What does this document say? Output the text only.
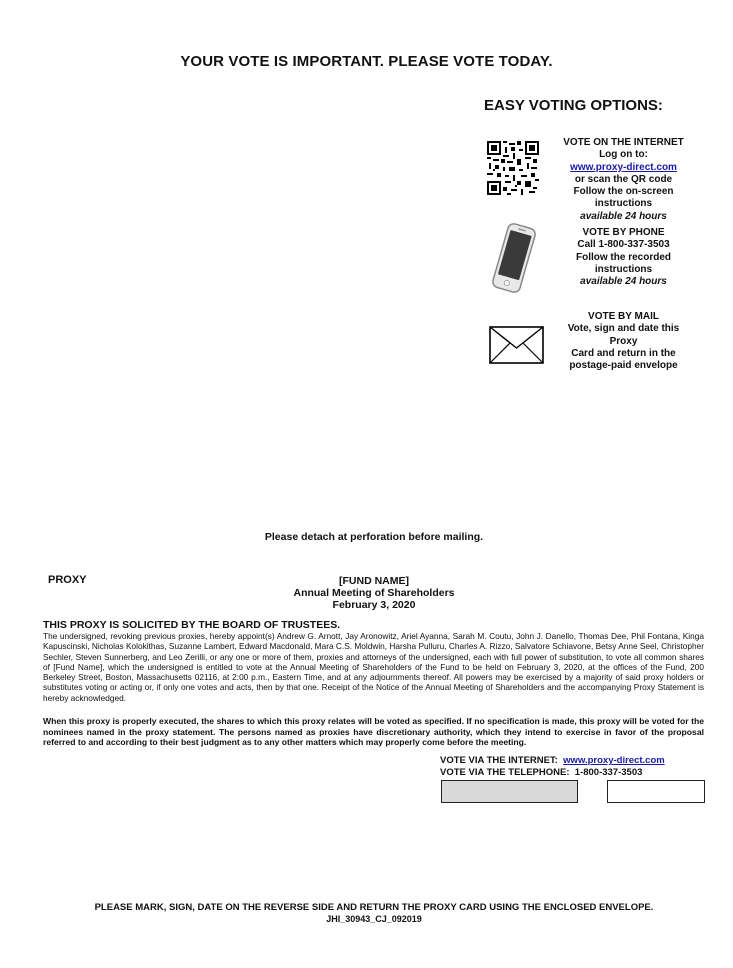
YOUR VOTE IS IMPORTANT. PLEASE VOTE TODAY.
EASY VOTING OPTIONS:
VOTE ON THE INTERNET
Log on to:
www.proxy-direct.com
or scan the QR code
Follow the on-screen instructions
available 24 hours
VOTE BY PHONE
Call 1-800-337-3503
Follow the recorded instructions
available 24 hours
VOTE BY MAIL
Vote, sign and date this Proxy
Card and return in the
postage-paid envelope
Please detach at perforation before mailing.
PROXY	[FUND NAME]
Annual Meeting of Shareholders
February 3, 2020
THIS PROXY IS SOLICITED BY THE BOARD OF TRUSTEES.
The undersigned, revoking previous proxies, hereby appoint(s) Andrew G. Arnott, Jay Aronowitz, Ariel Ayanna, Sarah M. Coutu, John J. Danello, Thomas Dee, Phil Fontana, Kinga Kapuscinski, Nicholas Kolokithas, Suzanne Lambert, Edward Macdonald, Mara C.S. Moldwin, Harsha Pulluru, Charles A. Rizzo, Salvatore Schiavone, Betsy Anne Seel, Christopher Sechler, Steven Sunnerberg, and Leo Zerilli, or any one or more of them, proxies and attorneys of the undersigned, each with full power of substitution, to vote all common shares of [Fund Name], which the undersigned is entitled to vote at the Annual Meeting of Shareholders of the Fund to be held on February 3, 2020, at the offices of the Fund, 200 Berkeley Street, Boston, Massachusetts 02116, at 2:00 p.m., Eastern Time, and at any adjournments thereof. All powers may be exercised by a majority of said proxy holders or substitutes voting or acting or, if only one votes and acts, then by that one. Receipt of the Notice of the Annual Meeting of Shareholders and the accompanying Proxy Statement is hereby acknowledged.
When this proxy is properly executed, the shares to which this proxy relates will be voted as specified. If no specification is made, this proxy will be voted for the nominees named in the proxy statement. The persons named as proxies have discretionary authority, which they intend to exercise in favor of the proposal referred to and according to their best judgment as to any other matters which may properly come before the meeting.
VOTE VIA THE INTERNET: www.proxy-direct.com
VOTE VIA THE TELEPHONE: 1-800-337-3503
PLEASE MARK, SIGN, DATE ON THE REVERSE SIDE AND RETURN THE PROXY CARD USING THE ENCLOSED ENVELOPE.
JHI_30943_CJ_092019
